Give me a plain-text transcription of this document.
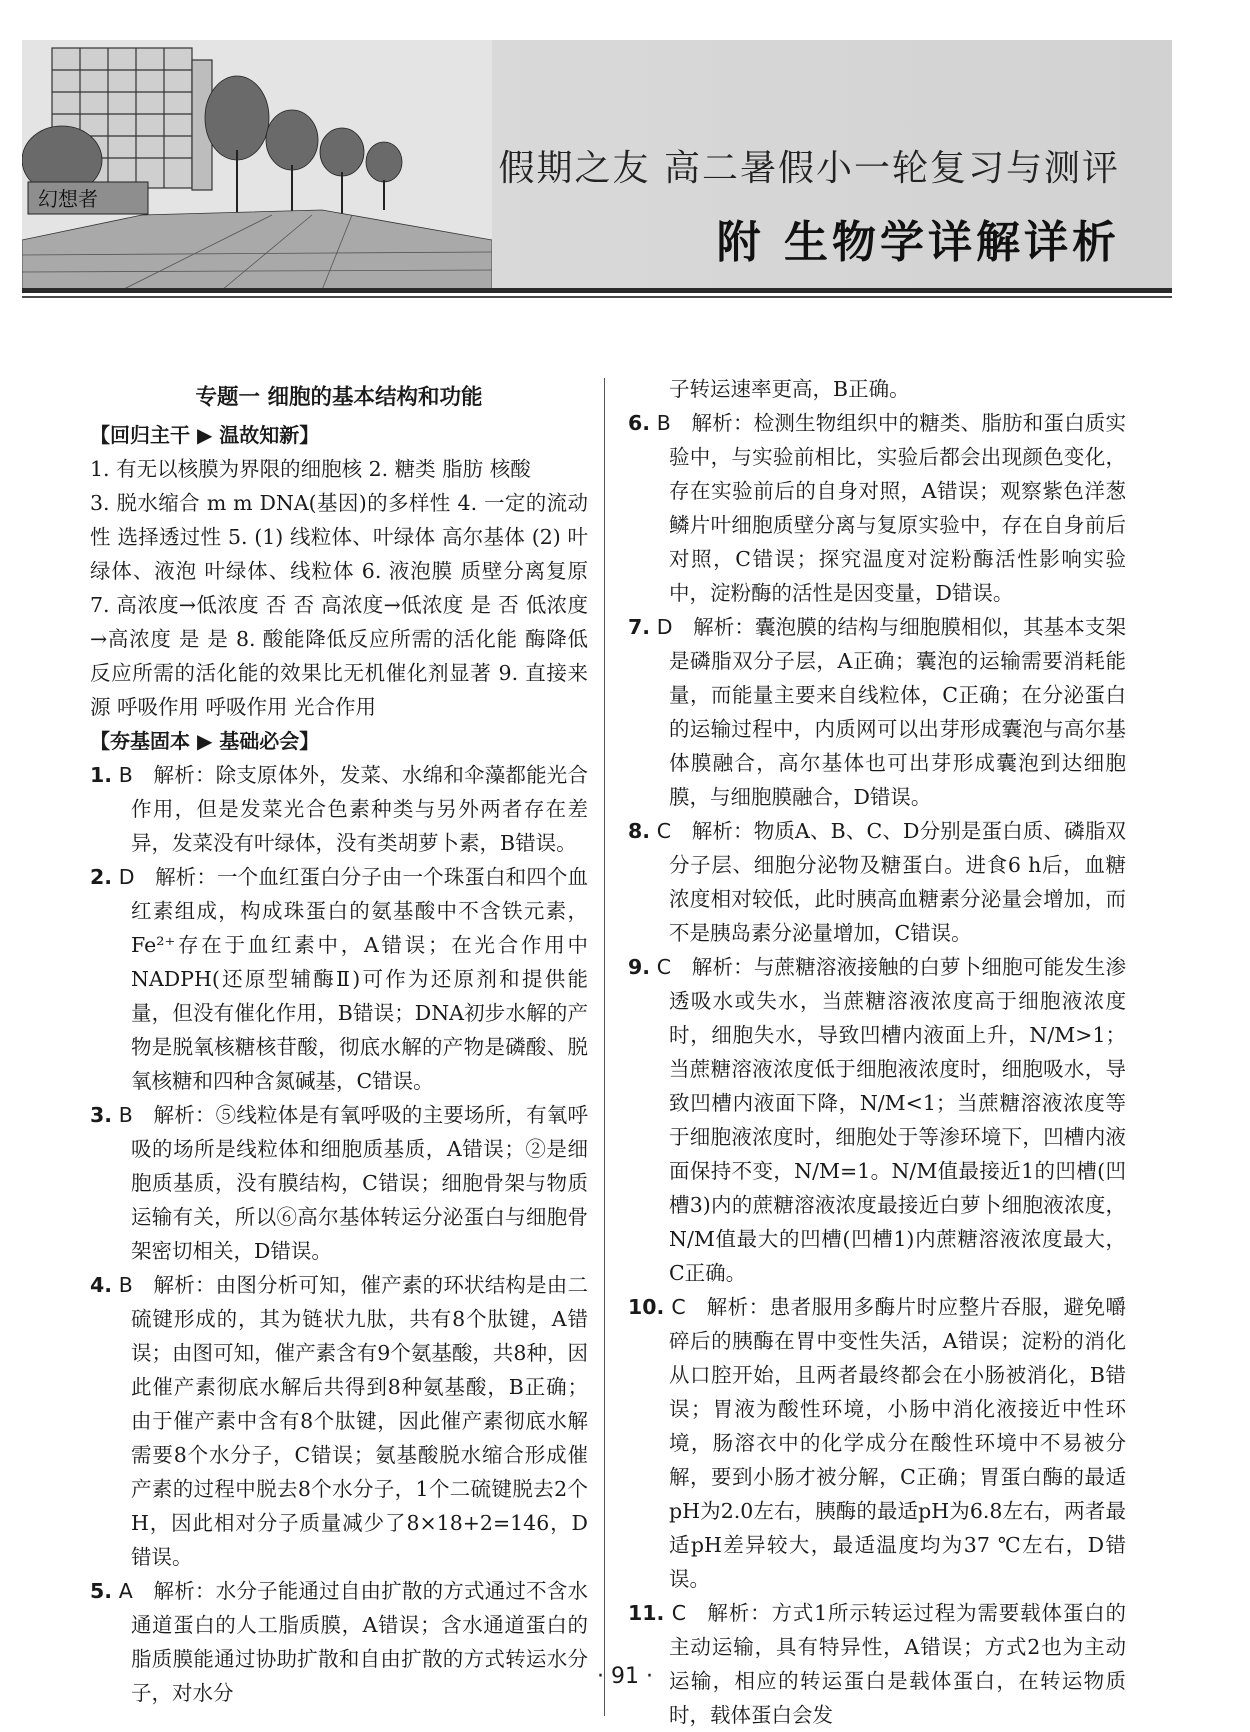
幻想者
假期之友 高二暑假小一轮复习与测评
附 生物学详解详析
专题一 细胞的基本结构和功能
【回归主干 ▶ 温故知新】

1. 有无以核膜为界限的细胞核 2. 糖类 脂肪 核酸

3. 脱水缩合 m m DNA(基因)的多样性 4. 一定的流动性 选择透过性 5. (1) 线粒体、叶绿体 高尔基体 (2) 叶绿体、液泡 叶绿体、线粒体 6. 液泡膜 质壁分离复原 7. 高浓度→低浓度 否 否 高浓度→低浓度 是 否 低浓度→高浓度 是 是 8. 酸能降低反应所需的活化能 酶降低反应所需的活化能的效果比无机催化剂显著 9. 直接来源 呼吸作用 呼吸作用 光合作用

【夯基固本 ▶ 基础必会】

1. B  解析：除支原体外，发菜、水绵和伞藻都能光合作用，但是发菜光合色素种类与另外两者存在差异，发菜没有叶绿体，没有类胡萝卜素，B错误。

2. D  解析：一个血红蛋白分子由一个珠蛋白和四个血红素组成，构成珠蛋白的氨基酸中不含铁元素，Fe²⁺存在于血红素中，A错误；在光合作用中NADPH(还原型辅酶Ⅱ)可作为还原剂和提供能量，但没有催化作用，B错误；DNA初步水解的产物是脱氧核糖核苷酸，彻底水解的产物是磷酸、脱氧核糖和四种含氮碱基，C错误。

3. B  解析：⑤线粒体是有氧呼吸的主要场所，有氧呼吸的场所是线粒体和细胞质基质，A错误；②是细胞质基质，没有膜结构，C错误；细胞骨架与物质运输有关，所以⑥高尔基体转运分泌蛋白与细胞骨架密切相关，D错误。

4. B  解析：由图分析可知，催产素的环状结构是由二硫键形成的，其为链状九肽，共有8个肽键，A错误；由图可知，催产素含有9个氨基酸，共8种，因此催产素彻底水解后共得到8种氨基酸，B正确；由于催产素中含有8个肽键，因此催产素彻底水解需要8个水分子，C错误；氨基酸脱水缩合形成催产素的过程中脱去8个水分子，1个二硫键脱去2个H，因此相对分子质量减少了8×18+2=146，D错误。

5. A  解析：水分子能通过自由扩散的方式通过不含水通道蛋白的人工脂质膜，A错误；含水通道蛋白的脂质膜能通过协助扩散和自由扩散的方式转运水分子，对水分

子转运速率更高，B正确。

6. B  解析：检测生物组织中的糖类、脂肪和蛋白质实验中，与实验前相比，实验后都会出现颜色变化，存在实验前后的自身对照，A错误；观察紫色洋葱鳞片叶细胞质壁分离与复原实验中，存在自身前后对照，C错误；探究温度对淀粉酶活性影响实验中，淀粉酶的活性是因变量，D错误。

7. D  解析：囊泡膜的结构与细胞膜相似，其基本支架是磷脂双分子层，A正确；囊泡的运输需要消耗能量，而能量主要来自线粒体，C正确；在分泌蛋白的运输过程中，内质网可以出芽形成囊泡与高尔基体膜融合，高尔基体也可出芽形成囊泡到达细胞膜，与细胞膜融合，D错误。

8. C  解析：物质A、B、C、D分别是蛋白质、磷脂双分子层、细胞分泌物及糖蛋白。进食6 h后，血糖浓度相对较低，此时胰高血糖素分泌量会增加，而不是胰岛素分泌量增加，C错误。

9. C  解析：与蔗糖溶液接触的白萝卜细胞可能发生渗透吸水或失水，当蔗糖溶液浓度高于细胞液浓度时，细胞失水，导致凹槽内液面上升，N/M>1；当蔗糖溶液浓度低于细胞液浓度时，细胞吸水，导致凹槽内液面下降，N/M<1；当蔗糖溶液浓度等于细胞液浓度时，细胞处于等渗环境下，凹槽内液面保持不变，N/M=1。N/M值最接近1的凹槽(凹槽3)内的蔗糖溶液浓度最接近白萝卜细胞液浓度，N/M值最大的凹槽(凹槽1)内蔗糖溶液浓度最大，C正确。

10. C  解析：患者服用多酶片时应整片吞服，避免嚼碎后的胰酶在胃中变性失活，A错误；淀粉的消化从口腔开始，且两者最终都会在小肠被消化，B错误；胃液为酸性环境，小肠中消化液接近中性环境，肠溶衣中的化学成分在酸性环境中不易被分解，要到小肠才被分解，C正确；胃蛋白酶的最适pH为2.0左右，胰酶的最适pH为6.8左右，两者最适pH差异较大，最适温度均为37 ℃左右，D错误。

11. C  解析：方式1所示转运过程为需要载体蛋白的主动运输，具有特异性，A错误；方式2也为主动运输，相应的转运蛋白是载体蛋白，在转运物质时，载体蛋白会发

· 91 ·
